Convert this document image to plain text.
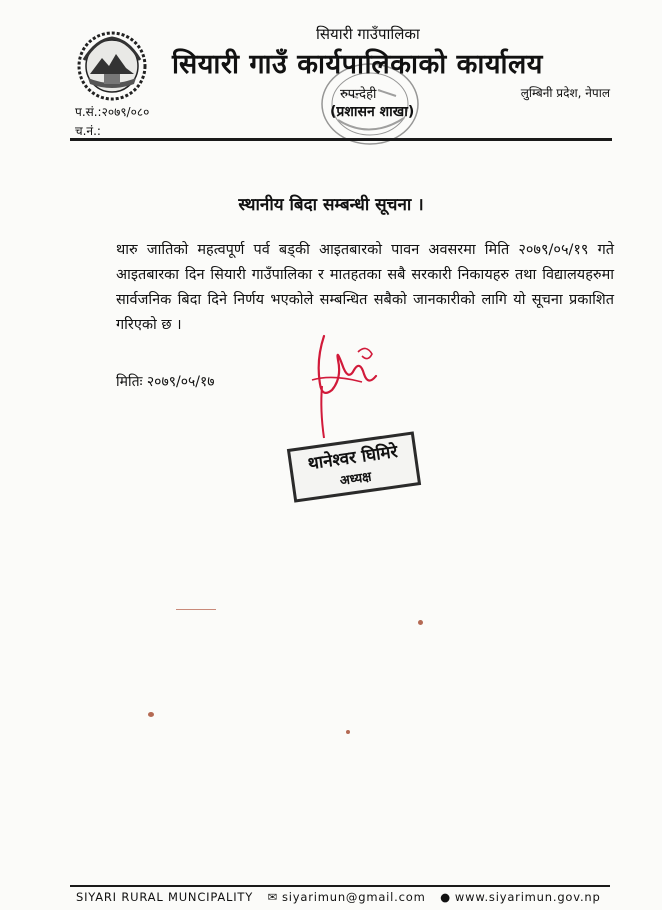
सियारी गाउँपालिका
सियारी गाउँ कार्यपालिकाको कार्यालय
रुपन्देही
(प्रशासन शाखा)
लुम्बिनी प्रदेश, नेपाल
प.सं.:२०७९/०८०
च.नं.:
स्थानीय बिदा सम्बन्धी सूचना ।
थारु जातिको महत्वपूर्ण पर्व बड्की आइतबारको पावन अवसरमा मिति २०७९/०५/१९ गते आइतबारका दिन सियारी गाउँपालिका र मातहतका सबै सरकारी निकायहरु तथा विद्यालयहरुमा सार्वजनिक बिदा दिने निर्णय भएकोले सम्बन्धित सबैको जानकारीको लागि यो सूचना प्रकाशित गरिएको छ ।
मितिः २०७९/०५/१७
थानेश्वर घिमिरे
अध्यक्ष
SIYARI RURAL MUNCIPALITY ✉ siyarimun@gmail.com ● www.siyarimun.gov.np
